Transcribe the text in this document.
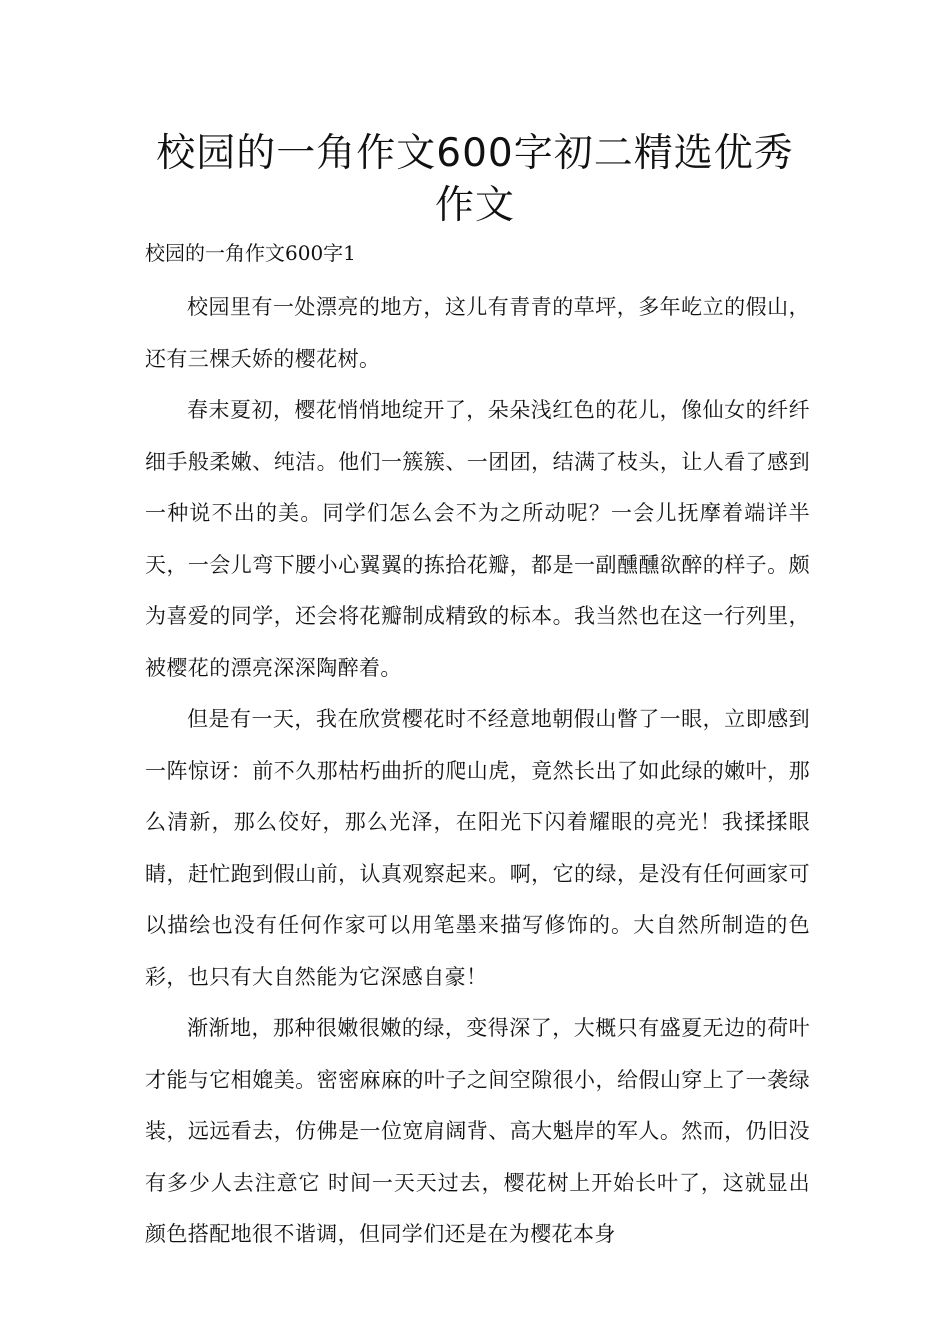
校园的一角作文600字初二精选优秀作文
校园的一角作文600字1

校园里有一处漂亮的地方，这儿有青青的草坪，多年屹立的假山，还有三棵夭娇的樱花树。

春末夏初，樱花悄悄地绽开了，朵朵浅红色的花儿，像仙女的纤纤细手般柔嫩、纯洁。他们一簇簇、一团团，结满了枝头，让人看了感到一种说不出的美。同学们怎么会不为之所动呢？一会儿抚摩着端详半天，一会儿弯下腰小心翼翼的拣拾花瓣，都是一副醺醺欲醉的样子。颇为喜爱的同学，还会将花瓣制成精致的标本。我当然也在这一行列里，被樱花的漂亮深深陶醉着。

但是有一天，我在欣赏樱花时不经意地朝假山瞥了一眼，立即感到一阵惊讶：前不久那枯朽曲折的爬山虎，竟然长出了如此绿的嫩叶，那么清新，那么佼好，那么光泽，在阳光下闪着耀眼的亮光！我揉揉眼睛，赶忙跑到假山前，认真观察起来。啊，它的绿，是没有任何画家可以描绘也没有任何作家可以用笔墨来描写修饰的。大自然所制造的色彩，也只有大自然能为它深感自豪！

渐渐地，那种很嫩很嫩的绿，变得深了，大概只有盛夏无边的荷叶才能与它相媲美。密密麻麻的叶子之间空隙很小，给假山穿上了一袭绿装，远远看去，仿佛是一位宽肩阔背、高大魁岸的军人。然而，仍旧没有多少人去注意它 时间一天天过去，樱花树上开始长叶了，这就显出颜色搭配地很不谐调，但同学们还是在为樱花本身
